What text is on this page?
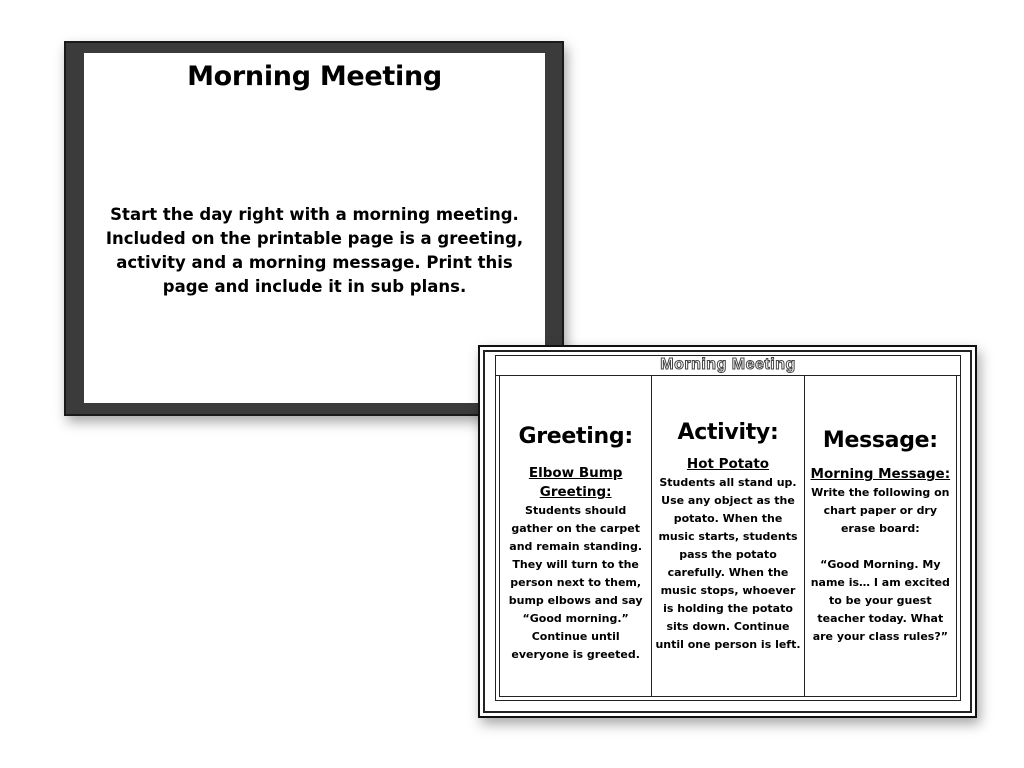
Morning Meeting
Start the day right with a morning meeting. Included on the printable page is a greeting, activity and a morning message. Print this page and include it in sub plans.
Morning Meeting
Greeting:
Elbow Bump Greeting:
Students should gather on the carpet and remain standing. They will turn to the person next to them, bump elbows and say “Good morning.” Continue until everyone is greeted.
Activity:
Hot Potato
Students all stand up. Use any object as the potato. When the music starts, students pass the potato carefully. When the music stops, whoever is holding the potato sits down. Continue until one person is left.
Message:
Morning Message:
Write the following on chart paper or dry erase board:

“Good Morning. My name is… I am excited to be your guest teacher today. What are your class rules?”
